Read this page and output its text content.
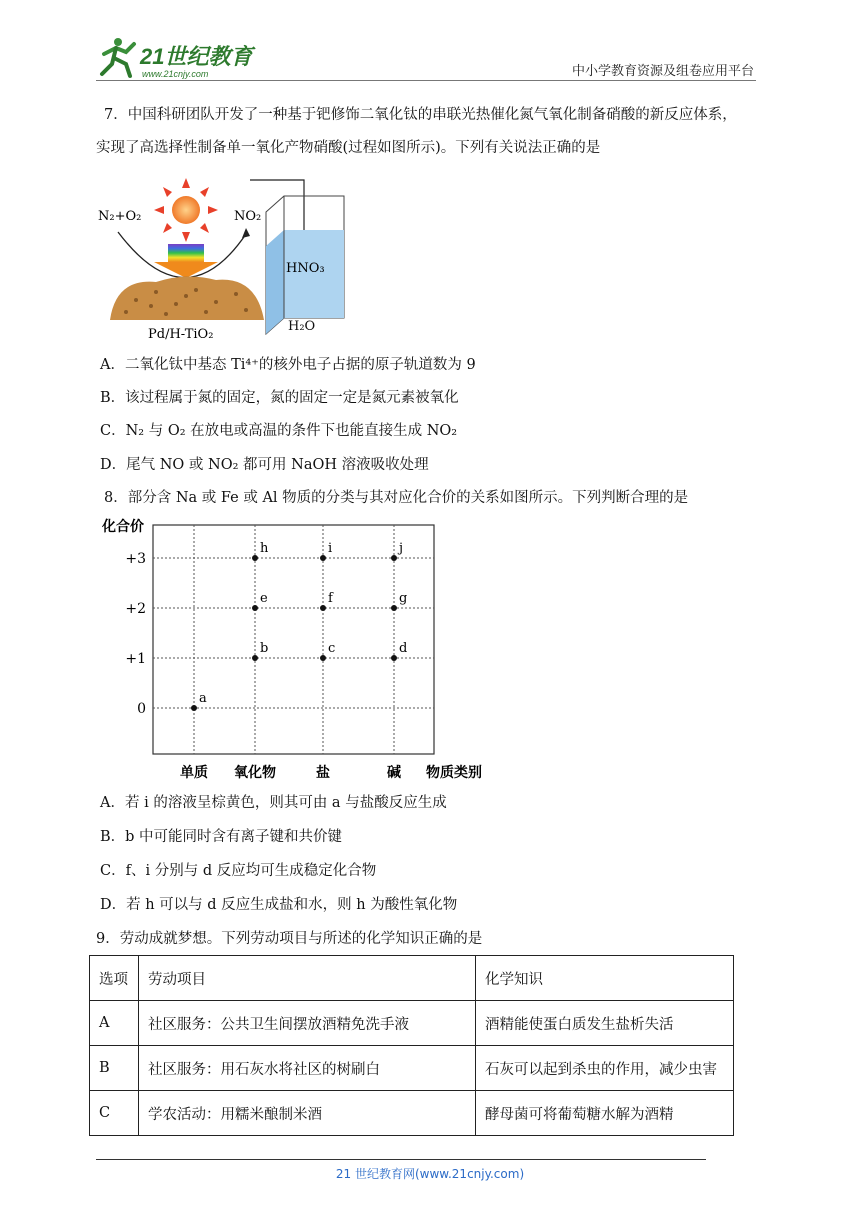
21世纪教育
www.21cnjy.com	中小学教育资源及组卷应用平台
7．中国科研团队开发了一种基于钯修饰二氧化钛的串联光热催化氮气氧化制备硝酸的新反应体系，
实现了高选择性制备单一氧化产物硝酸(过程如图所示)。下列有关说法正确的是
N₂+O₂	NO₂
Pd/H-TiO₂
HNO₃
H₂O
A．二氧化钛中基态 Ti⁴⁺的核外电子占据的原子轨道数为 9
B．该过程属于氮的固定，氮的固定一定是氮元素被氧化
C．N₂ 与 O₂ 在放电或高温的条件下也能直接生成 NO₂
D．尾气 NO 或 NO₂ 都可用 NaOH 溶液吸收处理
8．部分含 Na 或 Fe 或 Al 物质的分类与其对应化合价的关系如图所示。下列判断合理的是
+3
+2
+1
0
单质 氧化物	盐	碱
a
b	c	d
e	f	g
h	i	j
化合价
物质类别
A．若 i 的溶液呈棕黄色，则其可由 a 与盐酸反应生成
B．b 中可能同时含有离子键和共价键
C．f、i 分别与 d 反应均可生成稳定化合物
D．若 h 可以与 d 反应生成盐和水，则 h 为酸性氧化物
9．劳动成就梦想。下列劳动项目与所述的化学知识正确的是
选项	劳动项目	化学知识
A	社区服务：公共卫生间摆放酒精免洗手液	酒精能使蛋白质发生盐析失活
B	社区服务：用石灰水将社区的树刷白	石灰可以起到杀虫的作用，减少虫害
C	学农活动：用糯米酿制米酒	酵母菌可将葡萄糖水解为酒精
21 世纪教育网(www.21cnjy.com)
